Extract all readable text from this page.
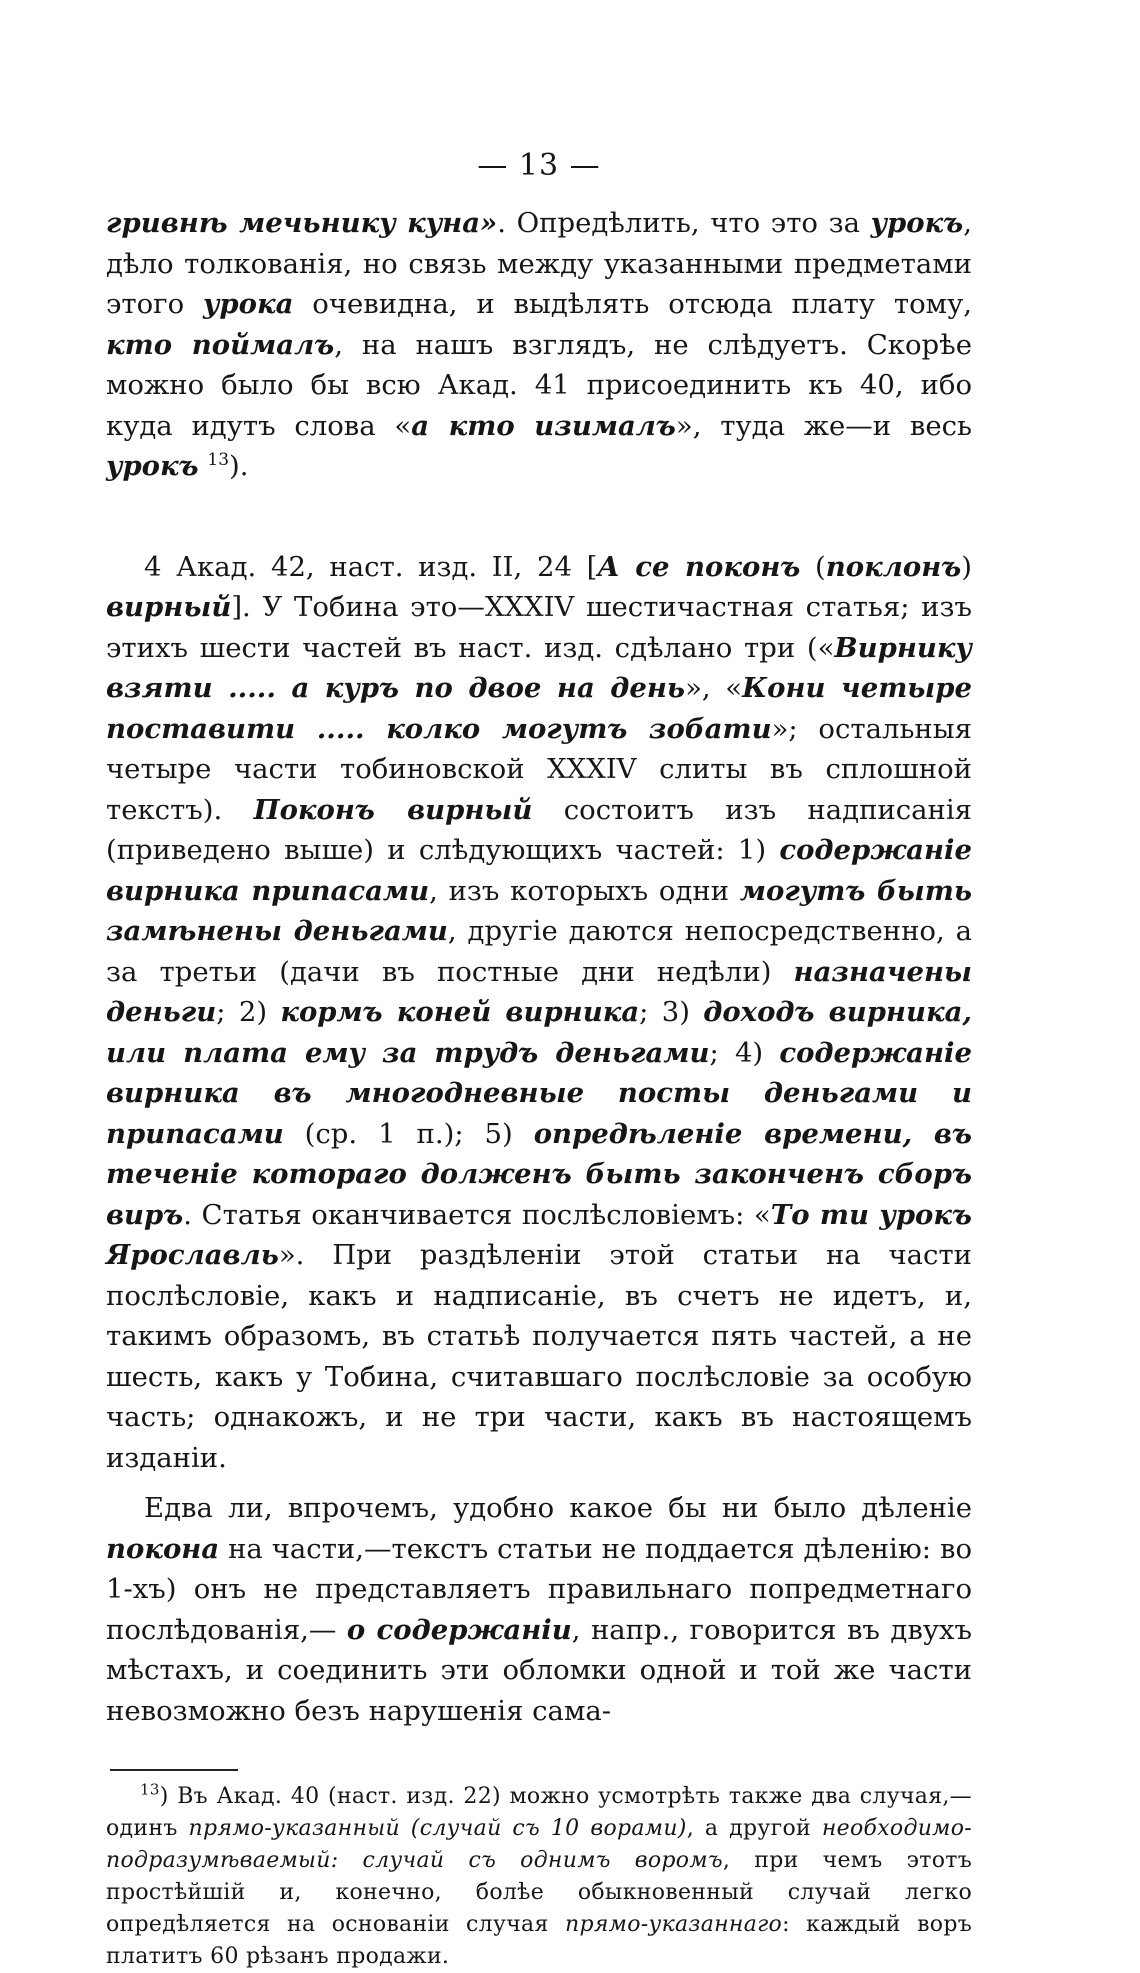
— 13 —

гривнѣ мечьнику куна». Опредѣлить, что это за урокъ, дѣло толкованія, но связь между указанными предметами этого урока очевидна, и выдѣлять отсюда плату тому, кто поймалъ, на нашъ взглядъ, не слѣдуетъ. Скорѣе можно было бы всю Акад. 41 присоединить къ 40, ибо куда идутъ слова «а кто изималъ», туда же—и весь урокъ $^{13}$).

4 Акад. 42, наст. изд. II, 24 [А се поконъ (поклонъ) вирный]. У Тобина это—XXXIV шестичастная статья; изъ этихъ шести частей въ наст. изд. сдѣлано три («Вирнику взяти ..... а куръ по двое на день», «Кони четыре поставити ..... колко могутъ зобати»; остальныя четыре части тобиновской XXXIV слиты въ сплошной текстъ). Поконъ вирный состоитъ изъ надписанія (приведено выше) и слѣдующихъ частей: 1) содержаніе вирника припасами, изъ которыхъ одни могутъ быть замѣнены деньгами, другіе даются непосредственно, а за третьи (дачи въ постные дни недѣли) назначены деньги; 2) кормъ коней вирника; 3) доходъ вирника, или плата ему за трудъ деньгами; 4) содержаніе вирника въ многодневные посты деньгами и припасами (ср. 1 п.); 5) опредѣленіе времени, въ теченіе котораго долженъ быть законченъ сборъ виръ. Статья оканчивается послѣсловіемъ: «То ти урокъ Ярославль». При раздѣленіи этой статьи на части послѣсловіе, какъ и надписаніе, въ счетъ не идетъ, и, такимъ образомъ, въ статьѣ получается пять частей, а не шесть, какъ у Тобина, считавшаго послѣсловіе за особую часть; однакожъ, и не три части, какъ въ настоящемъ изданіи.

Едва ли, впрочемъ, удобно какое бы ни было дѣленіе покона на части,—текстъ статьи не поддается дѣленію: во 1-хъ) онъ не представляетъ правильнаго попредметнаго послѣдованія,— о содержаніи, напр., говорится въ двухъ мѣстахъ, и соединить эти обломки одной и той же части невозможно безъ нарушенія сама-

$^{13}$) Въ Акад. 40 (наст. изд. 22) можно усмотрѣть также два случая,—одинъ прямо-указанный (случай съ 10 ворами), а другой необходимо-подразумѣваемый: случай съ однимъ воромъ, при чемъ этотъ простѣйшій и, конечно, болѣе обыкновенный случай легко опредѣляется на основаніи случая прямо-указаннаго: каждый воръ платитъ 60 рѣзанъ продажи.
